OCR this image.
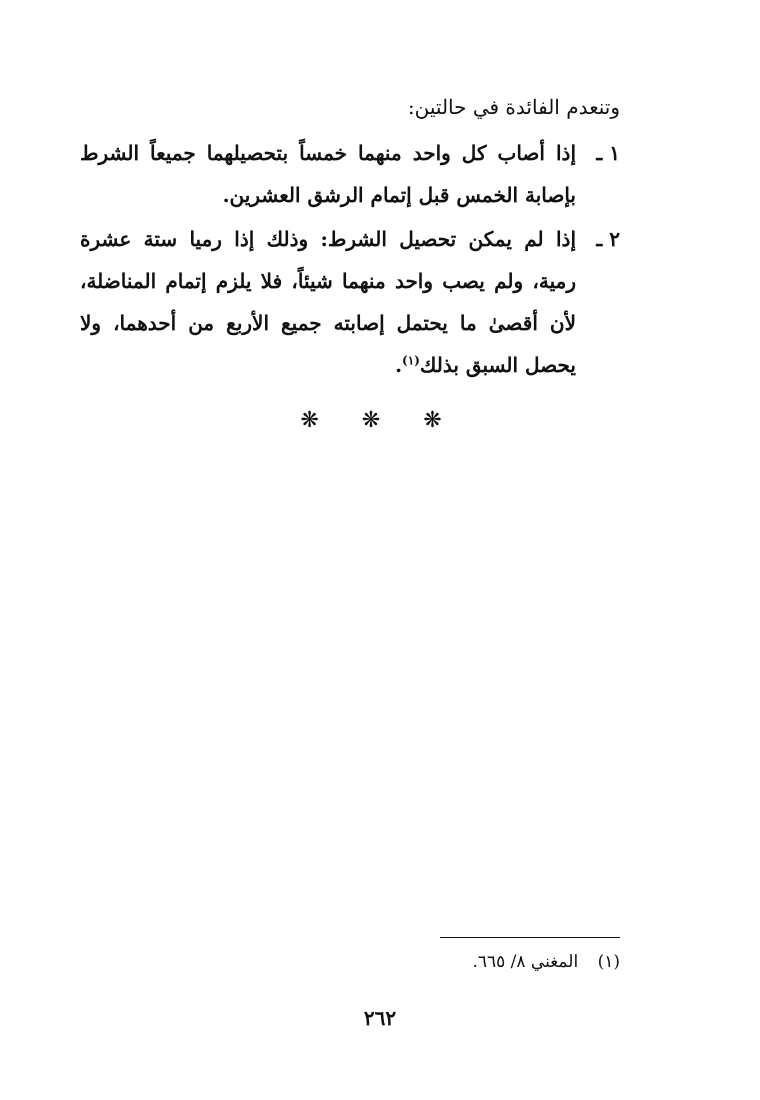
وتنعدم الفائدة في حالتين:
١ ـ
إذا أصاب كل واحد منهما خمساً بتحصيلهما جميعاً الشرط بإصابة الخمس قبل إتمام الرشق العشرين.
٢ ـ
إذا لم يمكن تحصيل الشرط: وذلك إذا رميا ستة عشرة رمية، ولم يصب واحد منهما شيئاً، فلا يلزم إتمام المناضلة، لأن أقصىٰ ما يحتمل إصابته جميع الأربع من أحدهما، ولا يحصل السبق بذلك$^{(١)}$.
❋ ❋ ❋
(١) المغني ٨/ ٦٦٥.
٢٦٢
